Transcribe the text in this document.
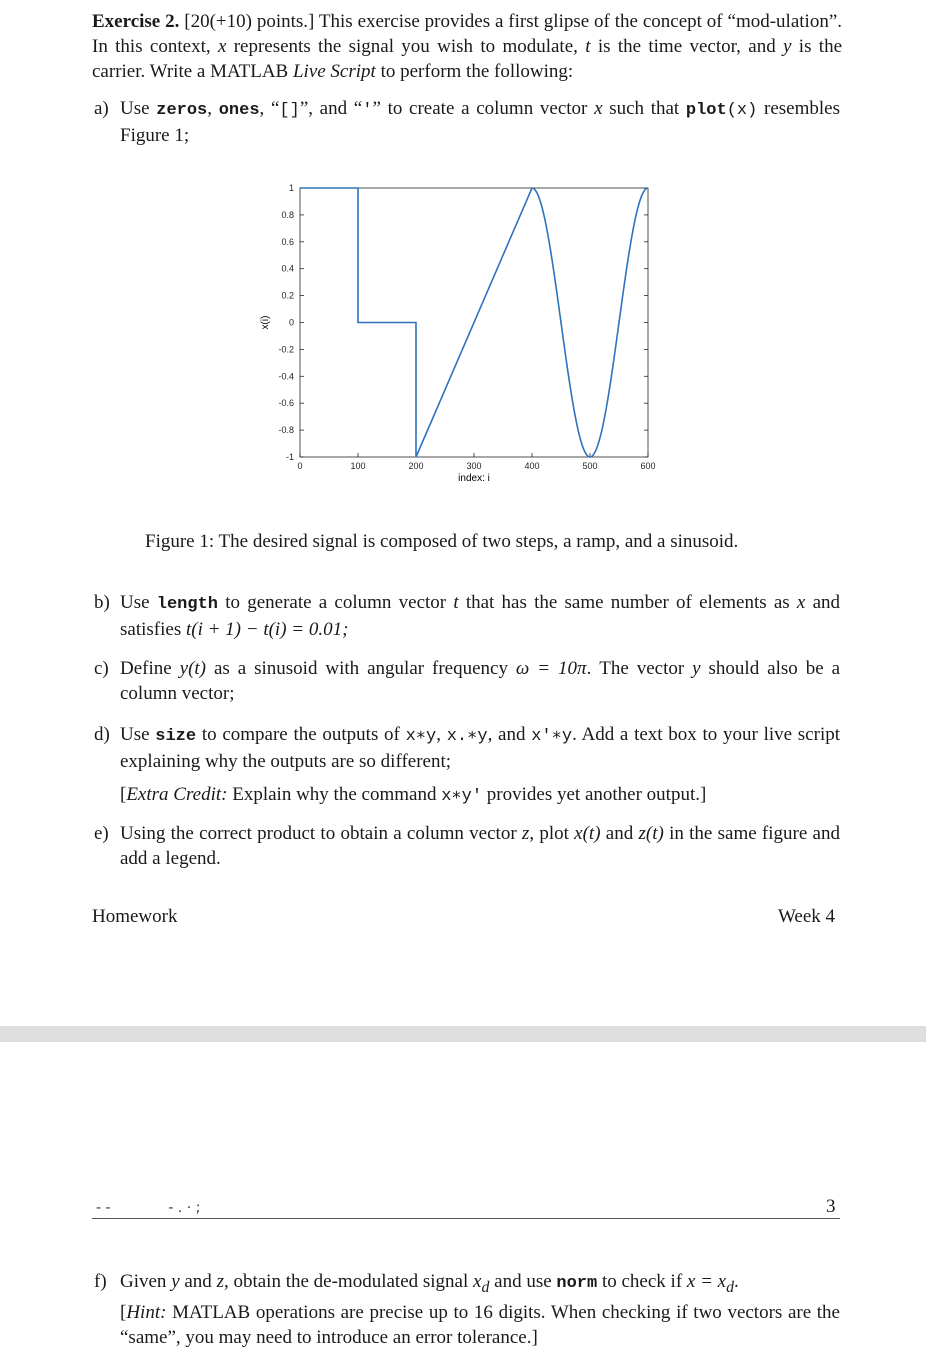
Exercise 2. [20(+10) points.] This exercise provides a first glipse of the concept of “mod-ulation”. In this context, x represents the signal you wish to modulate, t is the time vector, and y is the carrier. Write a MATLAB Live Script to perform the following:
a) Use zeros, ones, “[]”, and “′” to create a column vector x such that plot(x) resembles Figure 1;
0	100	200	300	400	500	600
-1
-0.8
-0.6
-0.4
-0.2
0
0.2
0.4
0.6
0.8
1
index: i
x(i)
Figure 1: The desired signal is composed of two steps, a ramp, and a sinusoid.
b) Use length to generate a column vector t that has the same number of elements as x and satisfies t(i + 1) − t(i) = 0.01;
c) Define y(t) as a sinusoid with angular frequency ω = 10π. The vector y should also be a column vector;
d) Use size to compare the outputs of x∗y, x.∗y, and x′∗y. Add a text box to your live script explaining why the outputs are so different;
[Extra Credit: Explain why the command x∗y′ provides yet another output.]
e) Using the correct product to obtain a column vector z, plot x(t) and z(t) in the same figure and add a legend.
Homework	Week 4
- -             - . · ;	3
f) Given y and z, obtain the de-modulated signal $x_d$ and use norm to check if $x = x_d$.
[Hint: MATLAB operations are precise up to 16 digits. When checking if two vectors are the “same”, you may need to introduce an error tolerance.]
